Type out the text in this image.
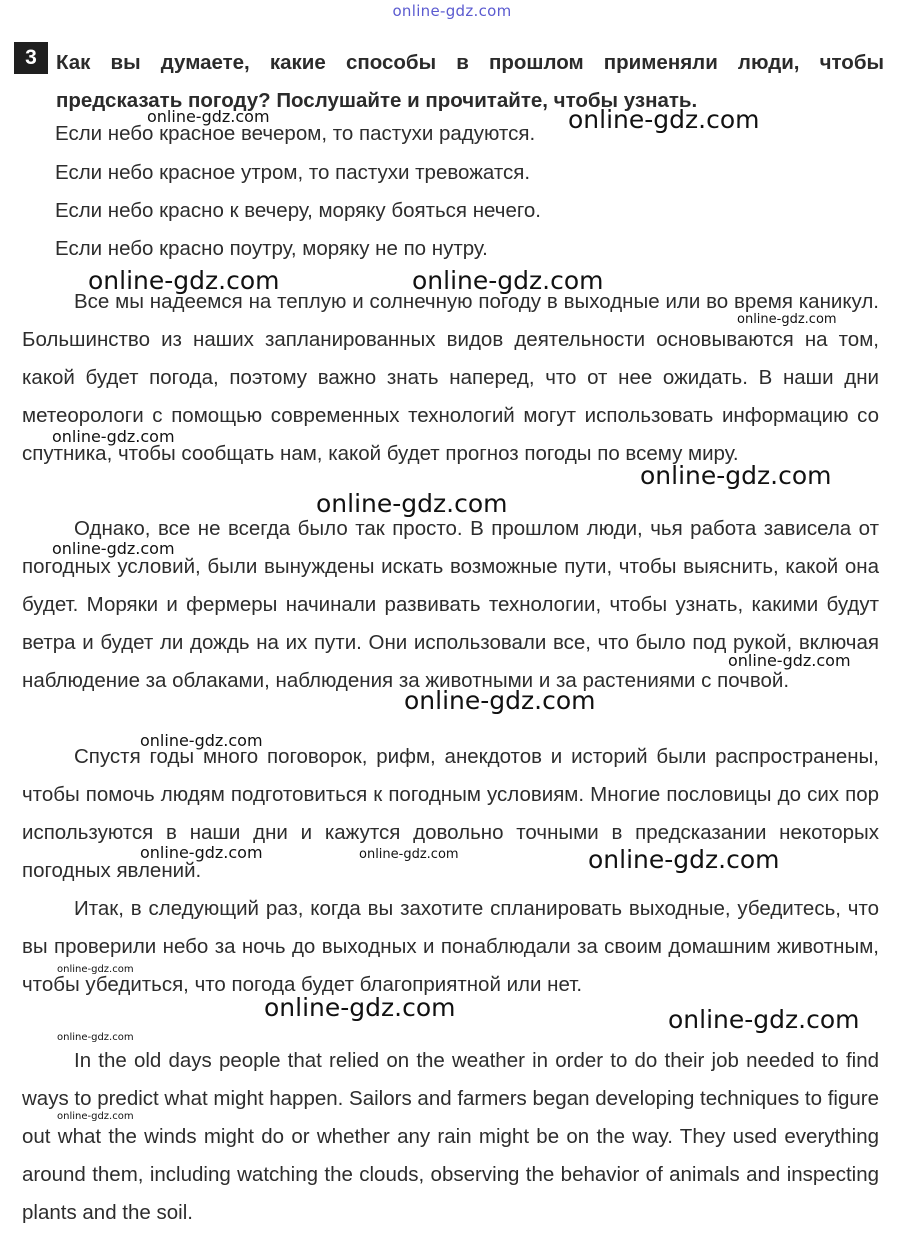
online-gdz.com
3 Как вы думаете, какие способы в прошлом применяли люди, чтобы предсказать погоду? Послушайте и прочитайте, чтобы узнать.
Если небо красное вечером, то пастухи радуются.
Если небо красное утром, то пастухи тревожатся.
Если небо красно к вечеру, моряку бояться нечего.
Если небо красно поутру, моряку не по нутру.

Все мы надеемся на теплую и солнечную погоду в выходные или во время каникул. Большинство из наших запланированных видов деятельности основываются на том, какой будет погода, поэтому важно знать наперед, что от нее ожидать. В наши дни метеорологи с помощью современных технологий могут использовать информацию со спутника, чтобы сообщать нам, какой будет прогноз погоды по всему миру.

Однако, все не всегда было так просто. В прошлом люди, чья работа зависела от погодных условий, были вынуждены искать возможные пути, чтобы выяснить, какой она будет. Моряки и фермеры начинали развивать технологии, чтобы узнать, какими будут ветра и будет ли дождь на их пути. Они использовали все, что было под рукой, включая наблюдение за облаками, наблюдения за животными и за растениями с почвой.

Спустя годы много поговорок, рифм, анекдотов и историй были распространены, чтобы помочь людям подготовиться к погодным условиям. Многие пословицы до сих пор используются в наши дни и кажутся довольно точными в предсказании некоторых погодных явлений.

Итак, в следующий раз, когда вы захотите спланировать выходные, убедитесь, что вы проверили небо за ночь до выходных и понаблюдали за своим домашним животным, чтобы убедиться, что погода будет благоприятной или нет.

In the old days people that relied on the weather in order to do their job needed to find ways to predict what might happen. Sailors and farmers began developing techniques to figure out what the winds might do or whether any rain might be on the way. They used everything around them, including watching the clouds, observing the behavior of animals and inspecting plants and the soil.

online-gdz.com	online-gdz.com
online-gdz.com	online-gdz.com
online-gdz.com
online-gdz.com
online-gdz.com
online-gdz.com
online-gdz.com
online-gdz.com
online-gdz.com
online-gdz.com
online-gdz.com	online-gdz.com	online-gdz.com
online-gdz.com
online-gdz.com	online-gdz.com
online-gdz.com
online-gdz.com
